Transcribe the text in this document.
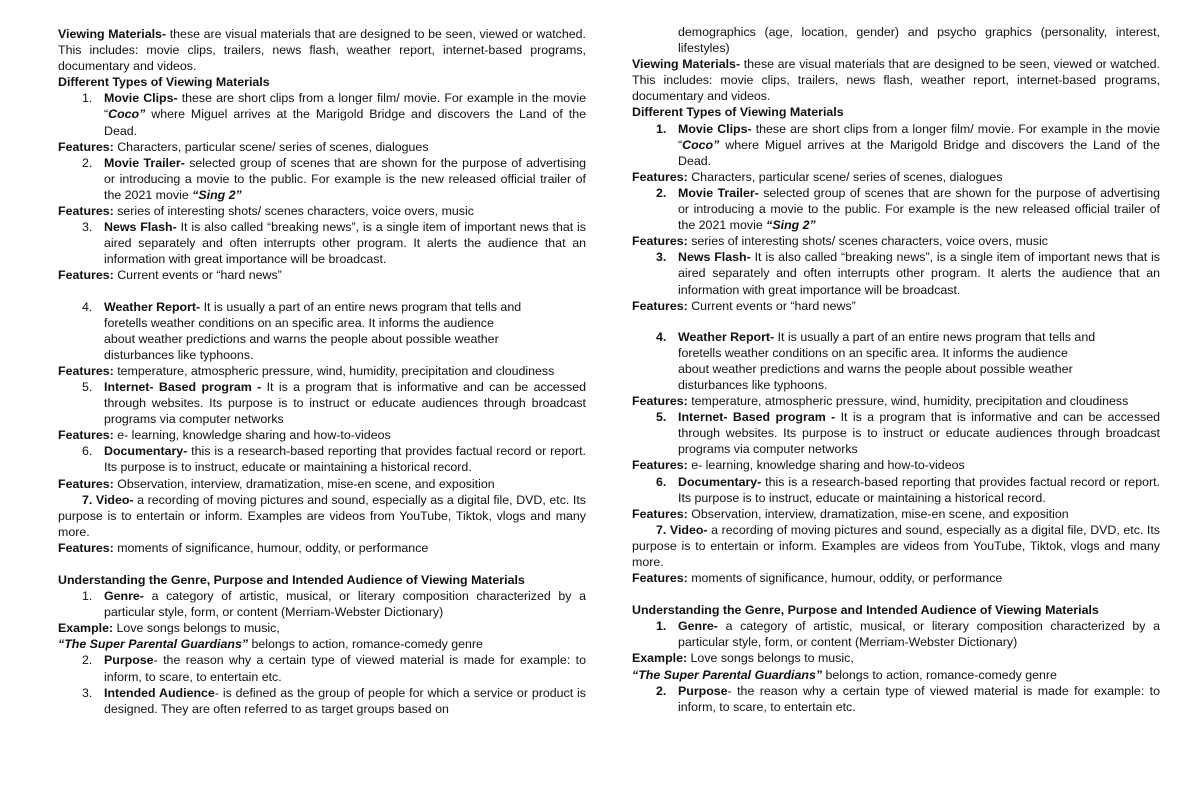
Viewing Materials- these are visual materials that are designed to be seen, viewed or watched. This includes: movie clips, trailers, news flash, weather report, internet-based programs, documentary and videos.

Different Types of Viewing Materials

1. Movie Clips- these are short clips from a longer film/ movie. For example in the movie “Coco” where Miguel arrives at the Marigold Bridge and discovers the Land of the Dead.

Features: Characters, particular scene/ series of scenes, dialogues

2. Movie Trailer- selected group of scenes that are shown for the purpose of advertising or introducing a movie to the public. For example is the new released official trailer of the 2021 movie “Sing 2”

Features: series of interesting shots/ scenes characters, voice overs, music

3. News Flash- It is also called “breaking news”, is a single item of important news that is aired separately and often interrupts other program. It alerts the audience that an information with great importance will be broadcast.

Features: Current events or “hard news”

4. Weather Report- It is usually a part of an entire news program that tells and
foretells weather conditions on an specific area. It informs the audience
about weather predictions and warns the people about possible weather
disturbances like typhoons.

Features: temperature, atmospheric pressure, wind, humidity, precipitation and cloudiness

5. Internet- Based program - It is a program that is informative and can be accessed through websites. Its purpose is to instruct or educate audiences through broadcast programs via computer networks

Features: e- learning, knowledge sharing and how-to-videos

6. Documentary- this is a research-based reporting that provides factual record or report. Its purpose is to instruct, educate or maintaining a historical record.

Features: Observation, interview, dramatization, mise-en scene, and exposition

7. Video- a recording of moving pictures and sound, especially as a digital file, DVD, etc. Its purpose is to entertain or inform. Examples are videos from YouTube, Tiktok, vlogs and many more.

Features: moments of significance, humour, oddity, or performance

Understanding the Genre, Purpose and Intended Audience of Viewing Materials

1. Genre- a category of artistic, musical, or literary composition characterized by a particular style, form, or content (Merriam-Webster Dictionary)

Example: Love songs belongs to music,

“The Super Parental Guardians” belongs to action, romance-comedy genre

2. Purpose- the reason why a certain type of viewed material is made for example: to inform, to scare, to entertain etc.
3. Intended Audience- is defined as the group of people for which a service or product is designed. They are often referred to as target groups based on

demographics (age, location, gender) and psycho graphics (personality, interest, lifestyles)

Viewing Materials- these are visual materials that are designed to be seen, viewed or watched. This includes: movie clips, trailers, news flash, weather report, internet-based programs, documentary and videos.

Different Types of Viewing Materials

1. Movie Clips- these are short clips from a longer film/ movie. For example in the movie “Coco” where Miguel arrives at the Marigold Bridge and discovers the Land of the Dead.

Features: Characters, particular scene/ series of scenes, dialogues

2. Movie Trailer- selected group of scenes that are shown for the purpose of advertising or introducing a movie to the public. For example is the new released official trailer of the 2021 movie “Sing 2”

Features: series of interesting shots/ scenes characters, voice overs, music

3. News Flash- It is also called “breaking news”, is a single item of important news that is aired separately and often interrupts other program. It alerts the audience that an information with great importance will be broadcast.

Features: Current events or “hard news”

4. Weather Report- It is usually a part of an entire news program that tells and
foretells weather conditions on an specific area. It informs the audience
about weather predictions and warns the people about possible weather
disturbances like typhoons.

Features: temperature, atmospheric pressure, wind, humidity, precipitation and cloudiness

5. Internet- Based program - It is a program that is informative and can be accessed through websites. Its purpose is to instruct or educate audiences through broadcast programs via computer networks

Features: e- learning, knowledge sharing and how-to-videos

6. Documentary- this is a research-based reporting that provides factual record or report. Its purpose is to instruct, educate or maintaining a historical record.

Features: Observation, interview, dramatization, mise-en scene, and exposition

7. Video- a recording of moving pictures and sound, especially as a digital file, DVD, etc. Its purpose is to entertain or inform. Examples are videos from YouTube, Tiktok, vlogs and many more.

Features: moments of significance, humour, oddity, or performance

Understanding the Genre, Purpose and Intended Audience of Viewing Materials

1. Genre- a category of artistic, musical, or literary composition characterized by a particular style, form, or content (Merriam-Webster Dictionary)

Example: Love songs belongs to music,

“The Super Parental Guardians” belongs to action, romance-comedy genre

2. Purpose- the reason why a certain type of viewed material is made for example: to inform, to scare, to entertain etc.
